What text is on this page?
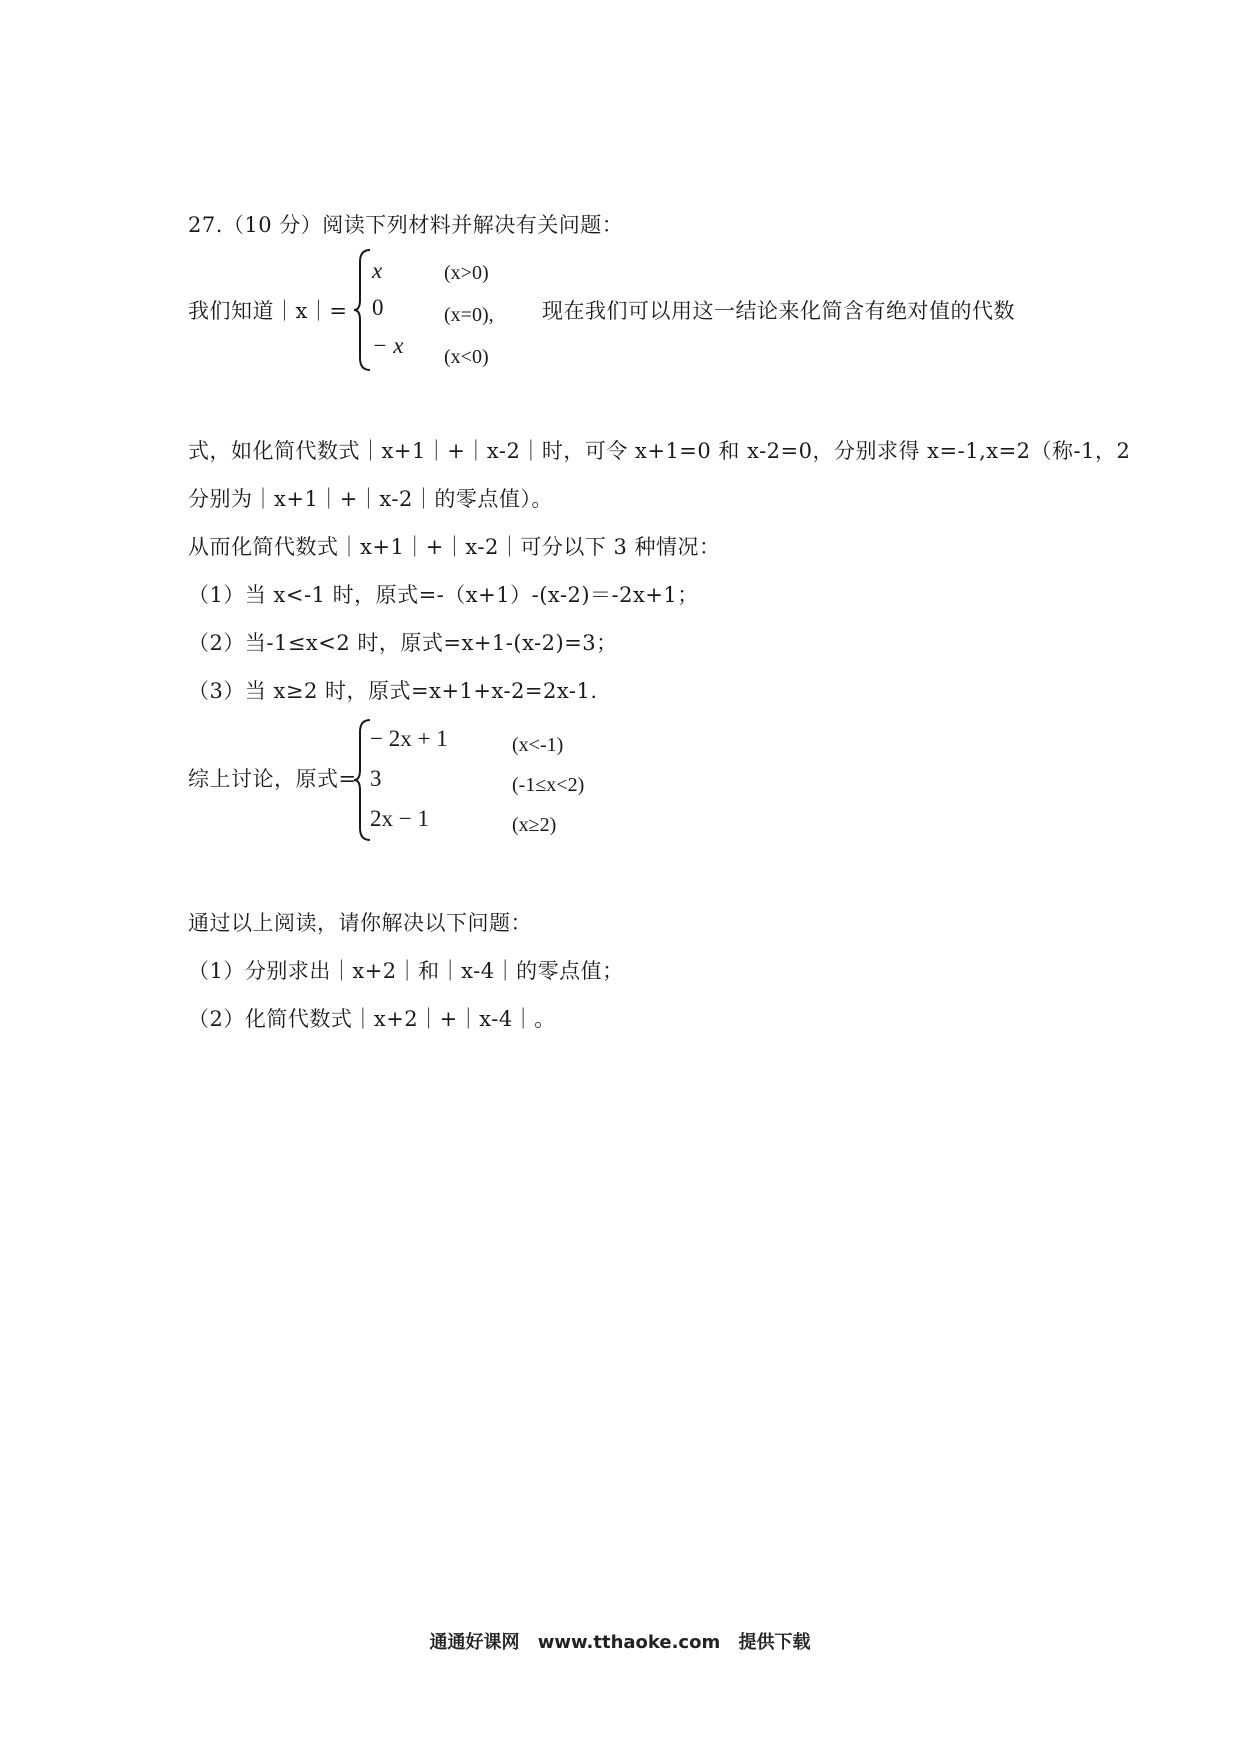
27.（10 分）阅读下列材料并解决有关问题：
我们知道｜x｜=
x
0
− x
(x>0)
(x=0),
(x<0)
现在我们可以用这一结论来化简含有绝对值的代数
式，如化简代数式｜x+1｜+｜x-2｜时，可令 x+1=0 和 x-2=0，分别求得 x=-1,x=2（称-1，2
分别为｜x+1｜+｜x-2｜的零点值）。
从而化简代数式｜x+1｜+｜x-2｜可分以下 3 种情况：
（1）当 x<-1 时，原式=-（x+1）-(x-2)＝-2x+1；
（2）当-1≤x<2 时，原式=x+1-(x-2)=3；
（3）当 x≥2 时，原式=x+1+x-2=2x-1.
综上讨论，原式=
− 2x + 1
3
2x − 1
(x<-1)
(-1≤x<2)
(x≥2)
通过以上阅读，请你解决以下问题：
（1）分别求出｜x+2｜和｜x-4｜的零点值；
（2）化简代数式｜x+2｜+｜x-4｜。
通通好课网 www.tthaoke.com 提供下载
